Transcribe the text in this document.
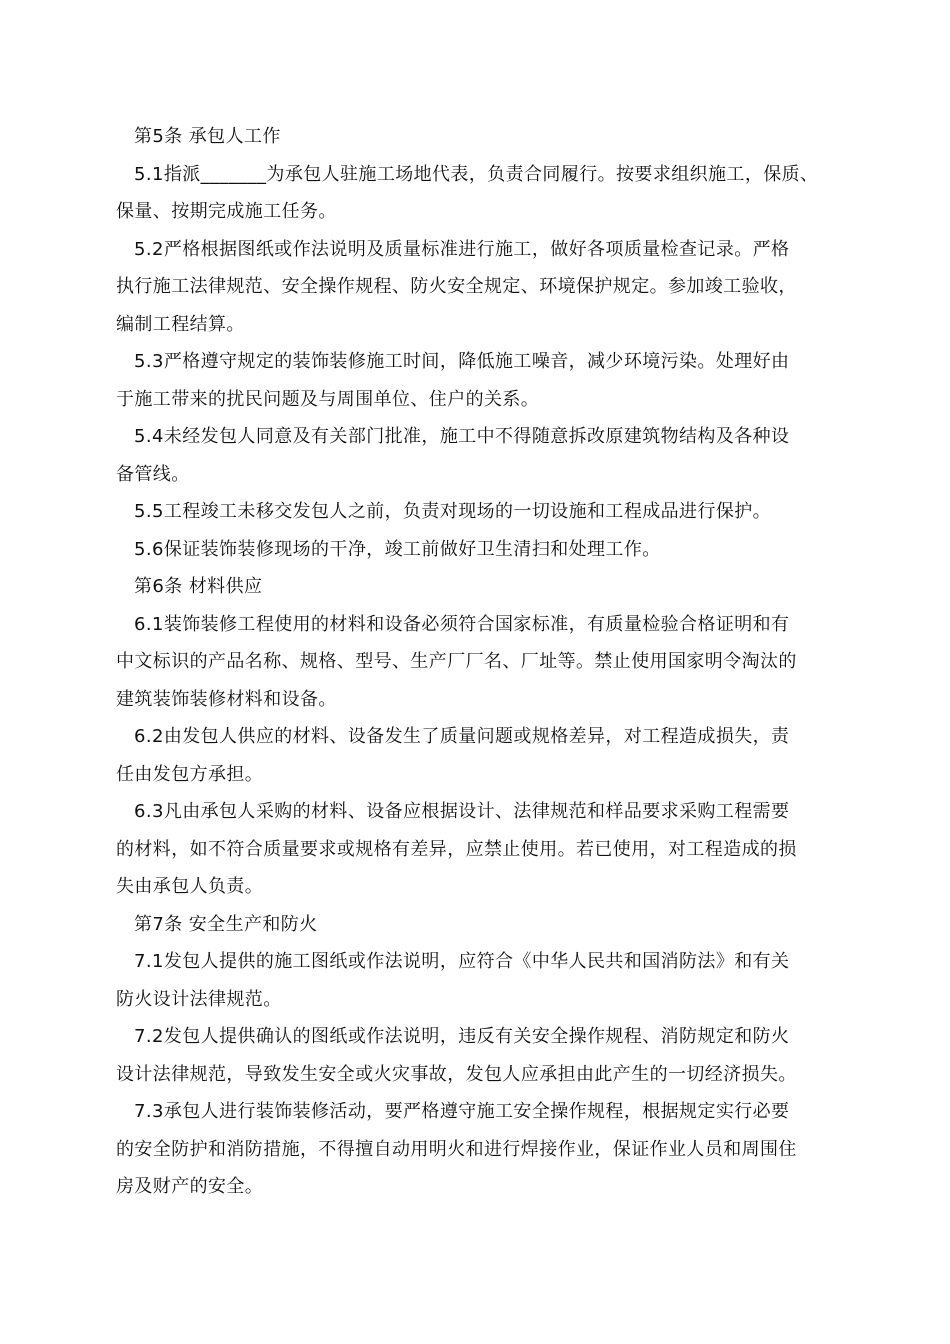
第5条 承包人工作
5.1指派_______为承包人驻施工场地代表，负责合同履行。按要求组织施工，保质、
保量、按期完成施工任务。
5.2严格根据图纸或作法说明及质量标准进行施工，做好各项质量检查记录。严格
执行施工法律规范、安全操作规程、防火安全规定、环境保护规定。参加竣工验收，
编制工程结算。
5.3严格遵守规定的装饰装修施工时间，降低施工噪音，减少环境污染。处理好由
于施工带来的扰民问题及与周围单位、住户的关系。
5.4未经发包人同意及有关部门批准，施工中不得随意拆改原建筑物结构及各种设
备管线。
5.5工程竣工未移交发包人之前，负责对现场的一切设施和工程成品进行保护。
5.6保证装饰装修现场的干净，竣工前做好卫生清扫和处理工作。
第6条 材料供应
6.1装饰装修工程使用的材料和设备必须符合国家标准，有质量检验合格证明和有
中文标识的产品名称、规格、型号、生产厂厂名、厂址等。禁止使用国家明令淘汰的
建筑装饰装修材料和设备。
6.2由发包人供应的材料、设备发生了质量问题或规格差异，对工程造成损失，责
任由发包方承担。
6.3凡由承包人采购的材料、设备应根据设计、法律规范和样品要求采购工程需要
的材料，如不符合质量要求或规格有差异，应禁止使用。若已使用，对工程造成的损
失由承包人负责。
第7条 安全生产和防火
7.1发包人提供的施工图纸或作法说明，应符合《中华人民共和国消防法》和有关
防火设计法律规范。
7.2发包人提供确认的图纸或作法说明，违反有关安全操作规程、消防规定和防火
设计法律规范，导致发生安全或火灾事故，发包人应承担由此产生的一切经济损失。
7.3承包人进行装饰装修活动，要严格遵守施工安全操作规程，根据规定实行必要
的安全防护和消防措施，不得擅自动用明火和进行焊接作业，保证作业人员和周围住
房及财产的安全。
